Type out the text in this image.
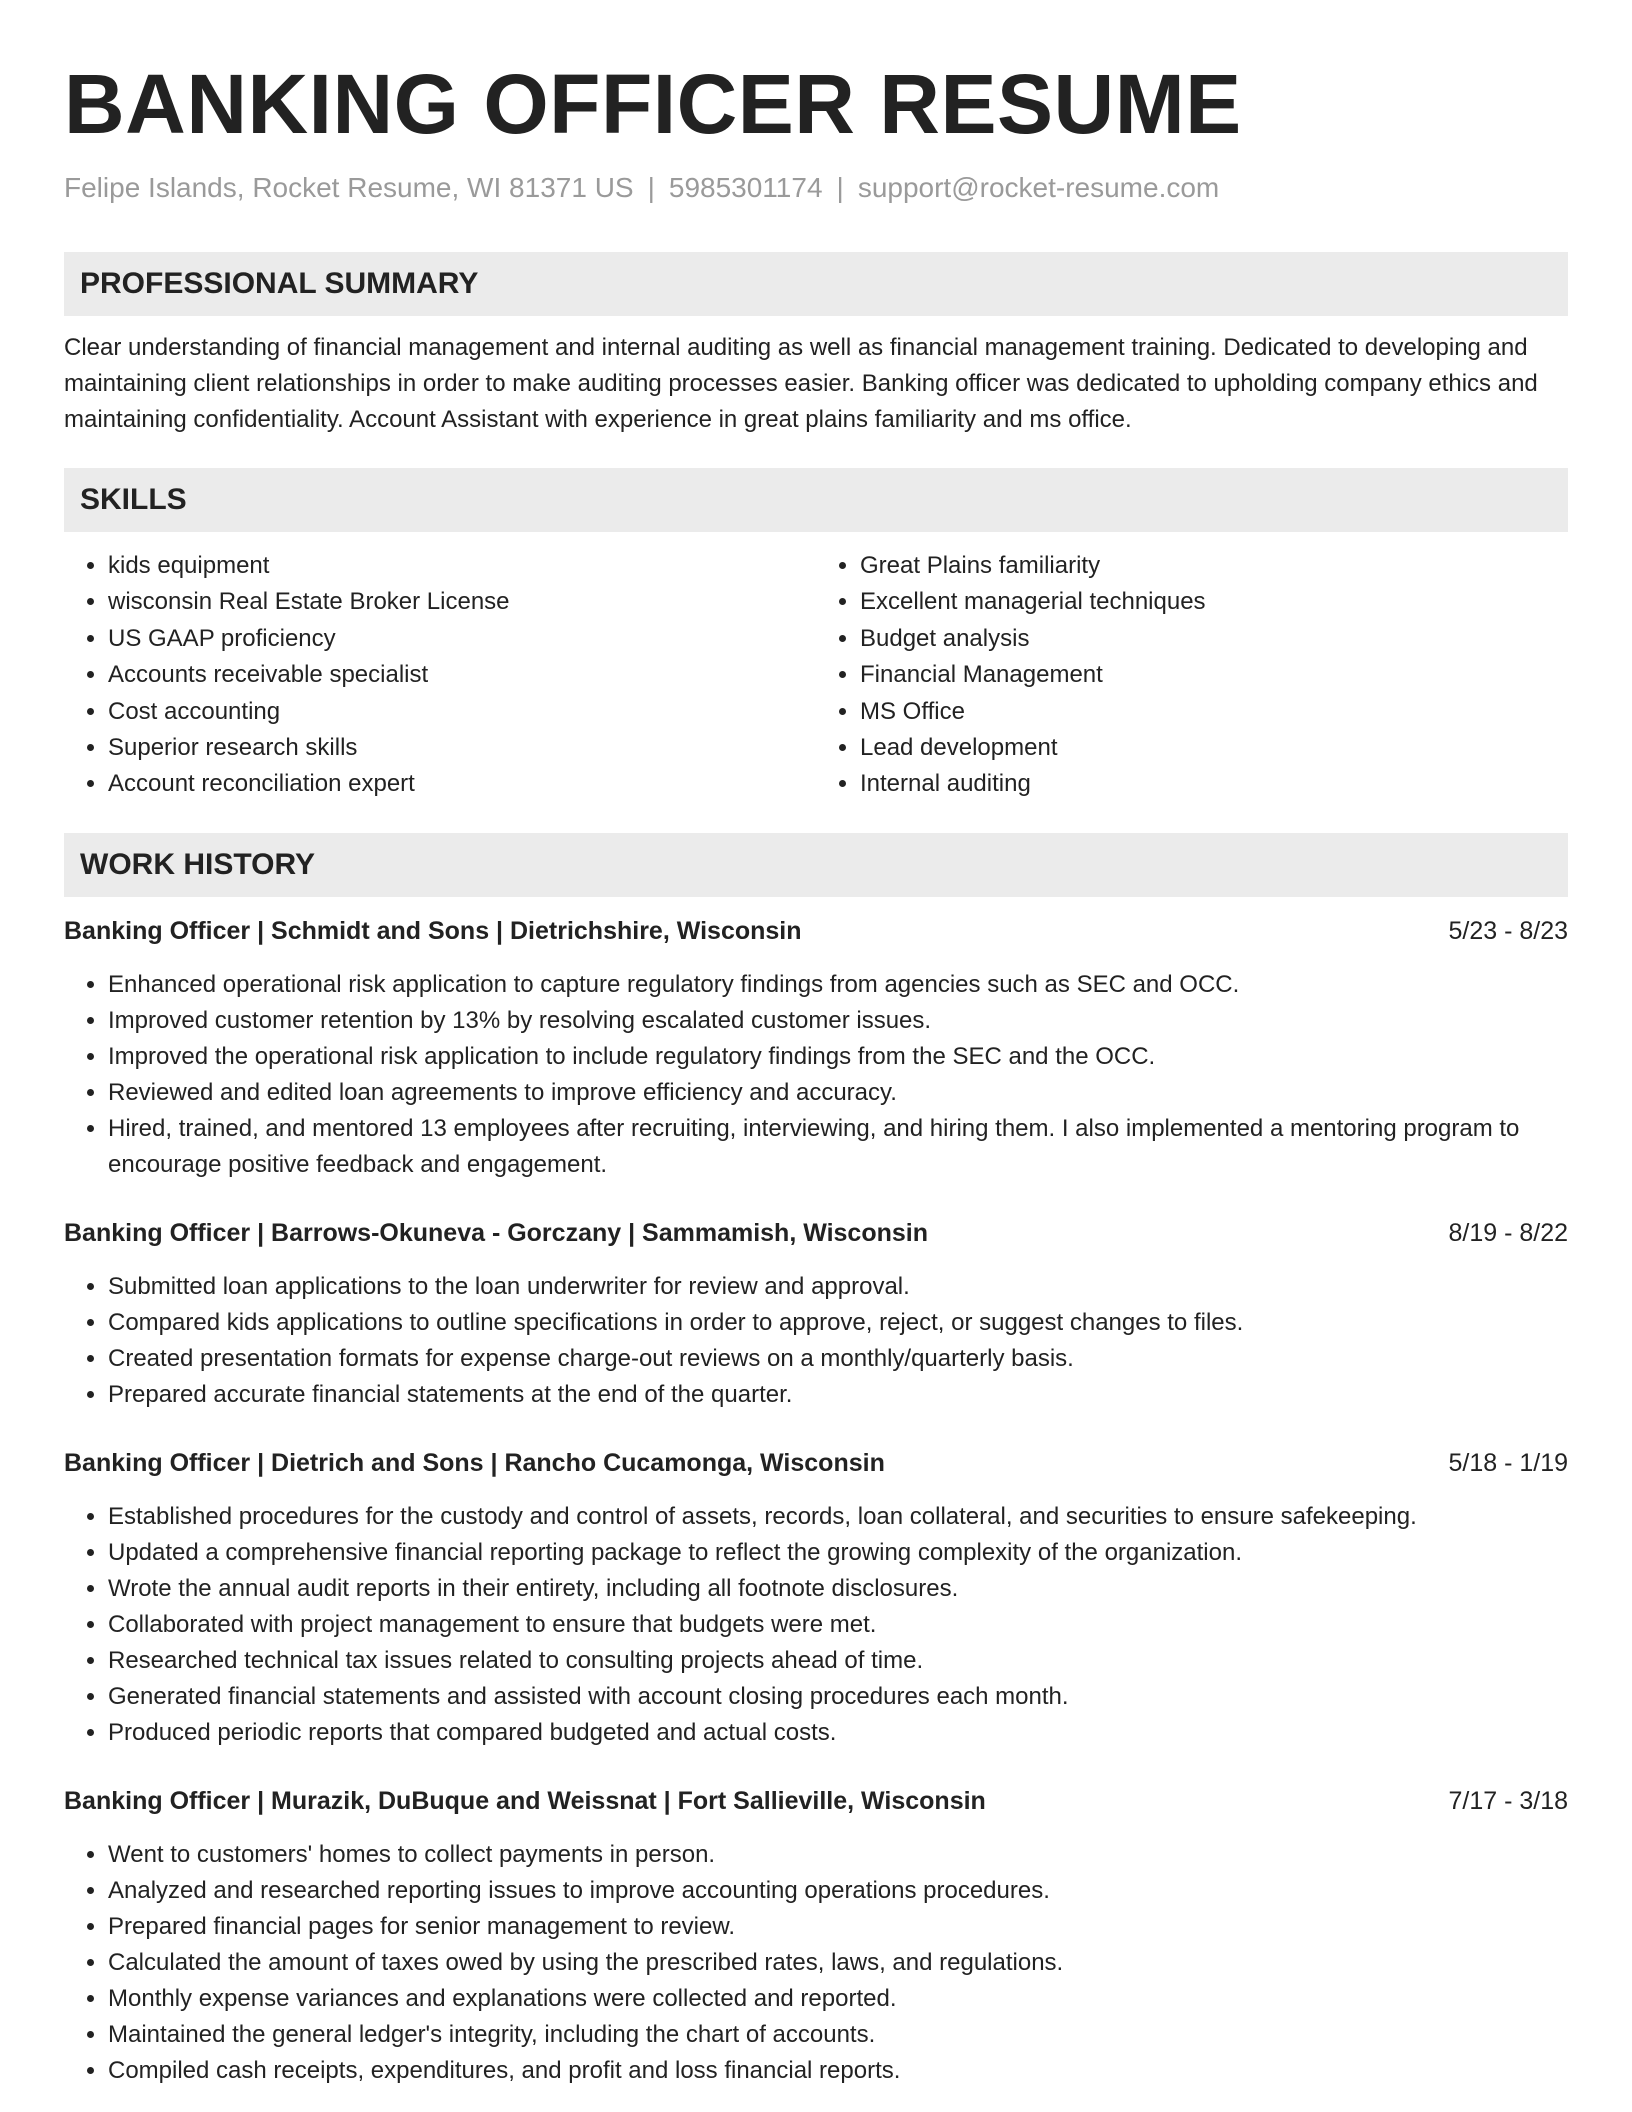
BANKING OFFICER RESUME
Felipe Islands, Rocket Resume, WI 81371 US | 5985301174 | support@rocket-resume.com
PROFESSIONAL SUMMARY

Clear understanding of financial management and internal auditing as well as financial management training. Dedicated to developing and maintaining client relationships in order to make auditing processes easier. Banking officer was dedicated to upholding company ethics and maintaining confidentiality. Account Assistant with experience in great plains familiarity and ms office.

SKILLS
• kids equipment
• wisconsin Real Estate Broker License
• US GAAP proficiency
• Accounts receivable specialist
• Cost accounting
• Superior research skills
• Account reconciliation expert
• Great Plains familiarity
• Excellent managerial techniques
• Budget analysis
• Financial Management
• MS Office
• Lead development
• Internal auditing
WORK HISTORY
Banking Officer | Schmidt and Sons | Dietrichshire, Wisconsin	5/23 - 8/23
• Enhanced operational risk application to capture regulatory findings from agencies such as SEC and OCC.
• Improved customer retention by 13% by resolving escalated customer issues.
• Improved the operational risk application to include regulatory findings from the SEC and the OCC.
• Reviewed and edited loan agreements to improve efficiency and accuracy.
• Hired, trained, and mentored 13 employees after recruiting, interviewing, and hiring them. I also implemented a mentoring program to encourage positive feedback and engagement.
Banking Officer | Barrows-Okuneva - Gorczany | Sammamish, Wisconsin	8/19 - 8/22
• Submitted loan applications to the loan underwriter for review and approval.
• Compared kids applications to outline specifications in order to approve, reject, or suggest changes to files.
• Created presentation formats for expense charge-out reviews on a monthly/quarterly basis.
• Prepared accurate financial statements at the end of the quarter.
Banking Officer | Dietrich and Sons | Rancho Cucamonga, Wisconsin	5/18 - 1/19
• Established procedures for the custody and control of assets, records, loan collateral, and securities to ensure safekeeping.
• Updated a comprehensive financial reporting package to reflect the growing complexity of the organization.
• Wrote the annual audit reports in their entirety, including all footnote disclosures.
• Collaborated with project management to ensure that budgets were met.
• Researched technical tax issues related to consulting projects ahead of time.
• Generated financial statements and assisted with account closing procedures each month.
• Produced periodic reports that compared budgeted and actual costs.
Banking Officer | Murazik, DuBuque and Weissnat | Fort Sallieville, Wisconsin	7/17 - 3/18
• Went to customers' homes to collect payments in person.
• Analyzed and researched reporting issues to improve accounting operations procedures.
• Prepared financial pages for senior management to review.
• Calculated the amount of taxes owed by using the prescribed rates, laws, and regulations.
• Monthly expense variances and explanations were collected and reported.
• Maintained the general ledger's integrity, including the chart of accounts.
• Compiled cash receipts, expenditures, and profit and loss financial reports.
